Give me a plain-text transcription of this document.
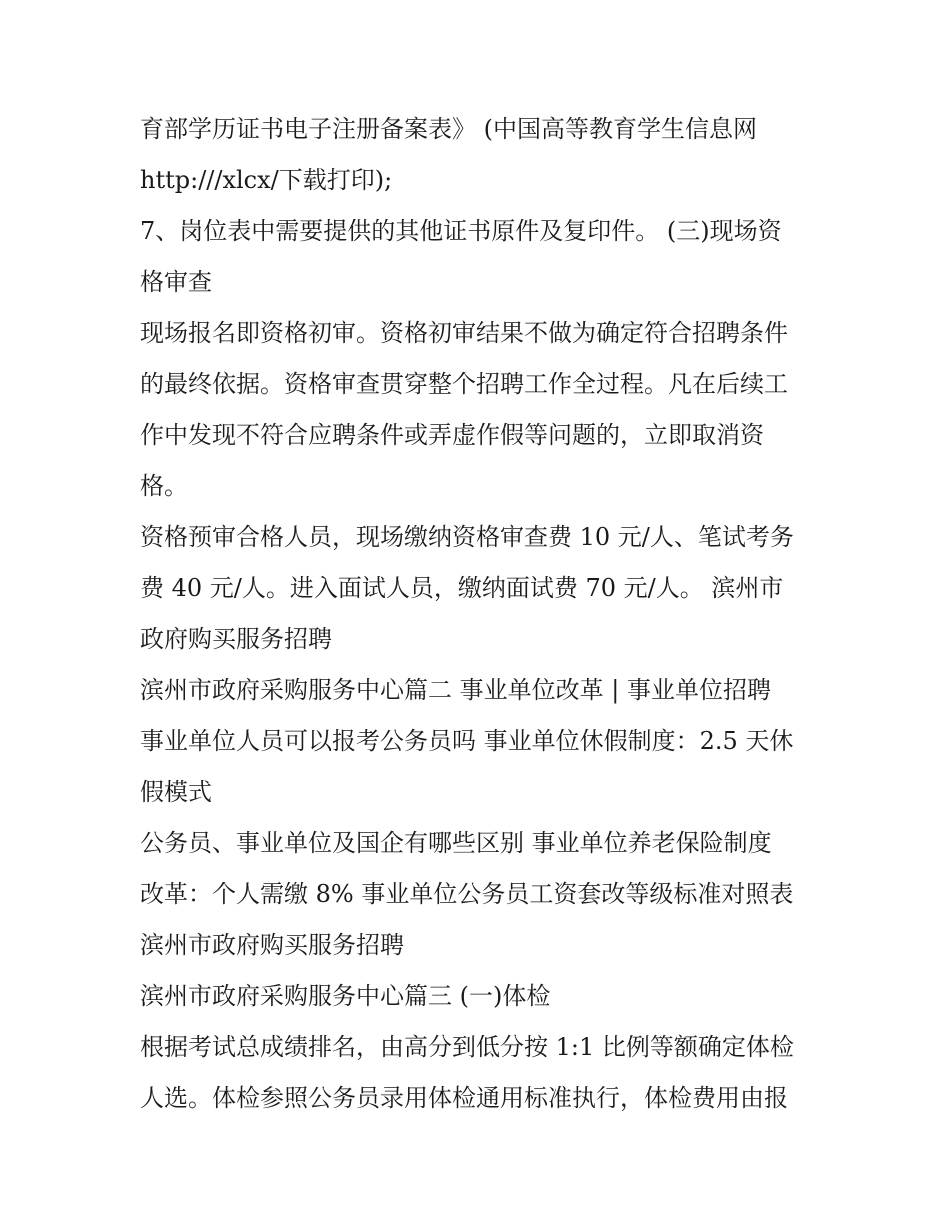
育部学历证书电子注册备案表》 (中国高等教育学生信息网
http:///xlcx/下载打印);
7、岗位表中需要提供的其他证书原件及复印件。 (三)现场资
格审查
现场报名即资格初审。资格初审结果不做为确定符合招聘条件
的最终依据。资格审查贯穿整个招聘工作全过程。凡在后续工
作中发现不符合应聘条件或弄虚作假等问题的，立即取消资
格。
资格预审合格人员，现场缴纳资格审查费 10 元/人、笔试考务
费 40 元/人。进入面试人员，缴纳面试费 70 元/人。 滨州市
政府购买服务招聘
滨州市政府采购服务中心篇二 事业单位改革 | 事业单位招聘
事业单位人员可以报考公务员吗 事业单位休假制度：2.5 天休
假模式
公务员、事业单位及国企有哪些区别 事业单位养老保险制度
改革：个人需缴 8% 事业单位公务员工资套改等级标准对照表
滨州市政府购买服务招聘
滨州市政府采购服务中心篇三 (一)体检
根据考试总成绩排名，由高分到低分按 1:1 比例等额确定体检
人选。体检参照公务员录用体检通用标准执行，体检费用由报
